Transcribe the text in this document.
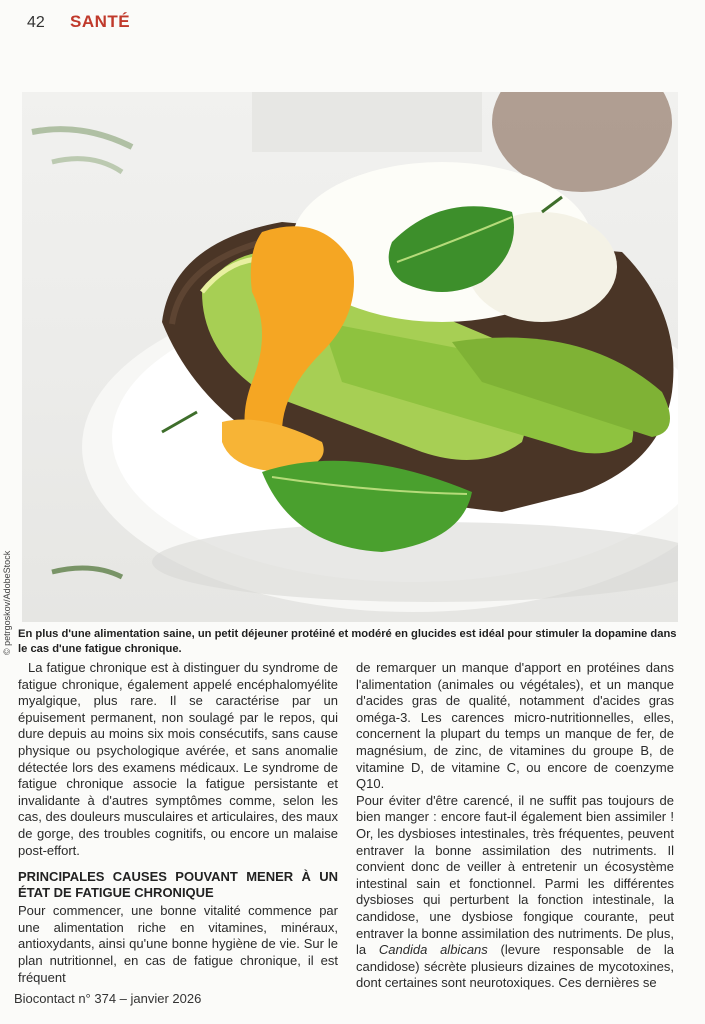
42 SANTÉ
© petrgoskov/AdobeStock En plus d'une alimentation saine, un petit déjeuner protéiné et modéré en glucides est idéal pour stimuler la dopamine dans le cas d'une fatigue chronique.

La fatigue chronique est à distinguer du syndrome de fatigue chronique, également appelé encéphalomyélite myalgique, plus rare. Il se caractérise par un épuisement permanent, non soulagé par le repos, qui dure depuis au moins six mois consécutifs, sans cause physique ou psychologique avérée, et sans anomalie détectée lors des examens médicaux. Le syndrome de fatigue chronique associe la fatigue persistante et invalidante à d'autres symptômes comme, selon les cas, des douleurs musculaires et articulaires, des maux de gorge, des troubles cognitifs, ou encore un malaise post-effort.

PRINCIPALES CAUSES POUVANT MENER À UN ÉTAT DE FATIGUE CHRONIQUE

Pour commencer, une bonne vitalité commence par une alimentation riche en vitamines, minéraux, antioxydants, ainsi qu'une bonne hygiène de vie. Sur le plan nutritionnel, en cas de fatigue chronique, il est fréquent

de remarquer un manque d'apport en protéines dans l'alimentation (animales ou végétales), et un manque d'acides gras de qualité, notamment d'acides gras oméga-3. Les carences micro-nutritionnelles, elles, concernent la plupart du temps un manque de fer, de magnésium, de zinc, de vitamines du groupe B, de vitamine D, de vitamine C, ou encore de coenzyme Q10.

Pour éviter d'être carencé, il ne suffit pas toujours de bien manger : encore faut-il également bien assimiler ! Or, les dysbioses intestinales, très fréquentes, peuvent entraver la bonne assimilation des nutriments. Il convient donc de veiller à entretenir un écosystème intestinal sain et fonctionnel. Parmi les différentes dysbioses qui perturbent la fonction intestinale, la candidose, une dysbiose fongique courante, peut entraver la bonne assimilation des nutriments. De plus, la Candida albicans (levure responsable de la candidose) sécrète plusieurs dizaines de mycotoxines, dont certaines sont neurotoxiques. Ces dernières se

Biocontact n° 374 – janvier 2026
